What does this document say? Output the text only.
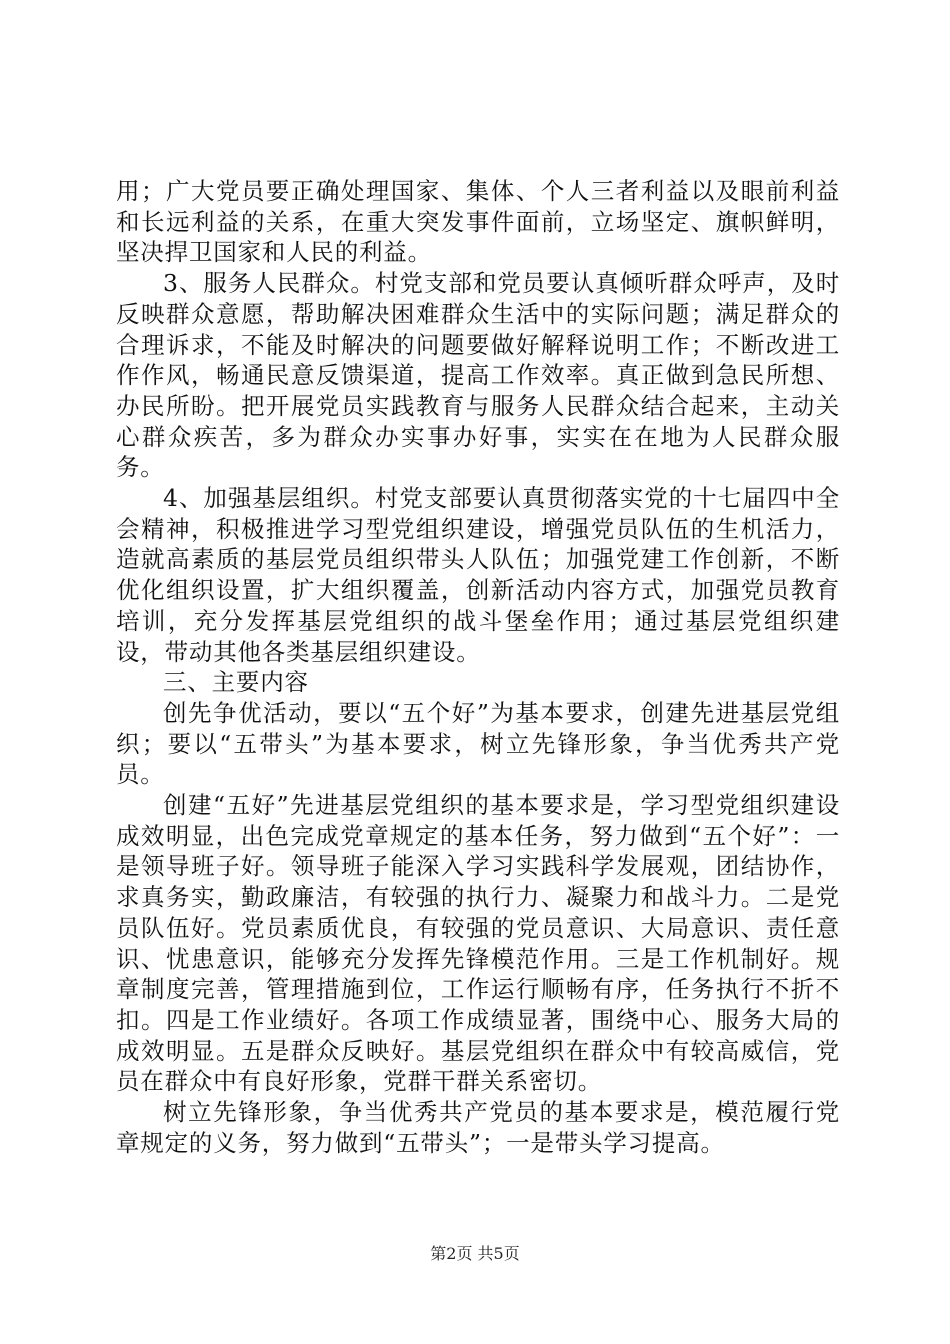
用；广大党员要正确处理国家、集体、个人三者利益以及眼前利益和长远利益的关系，在重大突发事件面前，立场坚定、旗帜鲜明，坚决捍卫国家和人民的利益。

3、服务人民群众。村党支部和党员要认真倾听群众呼声，及时反映群众意愿，帮助解决困难群众生活中的实际问题；满足群众的合理诉求，不能及时解决的问题要做好解释说明工作；不断改进工作作风，畅通民意反馈渠道，提高工作效率。真正做到急民所想、办民所盼。把开展党员实践教育与服务人民群众结合起来，主动关心群众疾苦，多为群众办实事办好事，实实在在地为人民群众服务。

4、加强基层组织。村党支部要认真贯彻落实党的十七届四中全会精神，积极推进学习型党组织建设，增强党员队伍的生机活力，造就高素质的基层党员组织带头人队伍；加强党建工作创新，不断优化组织设置，扩大组织覆盖，创新活动内容方式，加强党员教育培训，充分发挥基层党组织的战斗堡垒作用；通过基层党组织建设，带动其他各类基层组织建设。

三、主要内容

创先争优活动，要以“五个好”为基本要求，创建先进基层党组织；要以“五带头”为基本要求，树立先锋形象，争当优秀共产党员。

创建“五好”先进基层党组织的基本要求是，学习型党组织建设成效明显，出色完成党章规定的基本任务，努力做到“五个好”：一是领导班子好。领导班子能深入学习实践科学发展观，团结协作，求真务实，勤政廉洁，有较强的执行力、凝聚力和战斗力。二是党员队伍好。党员素质优良，有较强的党员意识、大局意识、责任意识、忧患意识，能够充分发挥先锋模范作用。三是工作机制好。规章制度完善，管理措施到位，工作运行顺畅有序，任务执行不折不扣。四是工作业绩好。各项工作成绩显著，围绕中心、服务大局的成效明显。五是群众反映好。基层党组织在群众中有较高威信，党员在群众中有良好形象，党群干群关系密切。

树立先锋形象，争当优秀共产党员的基本要求是，模范履行党章规定的义务，努力做到“五带头”；一是带头学习提高。

第2页 共5页
